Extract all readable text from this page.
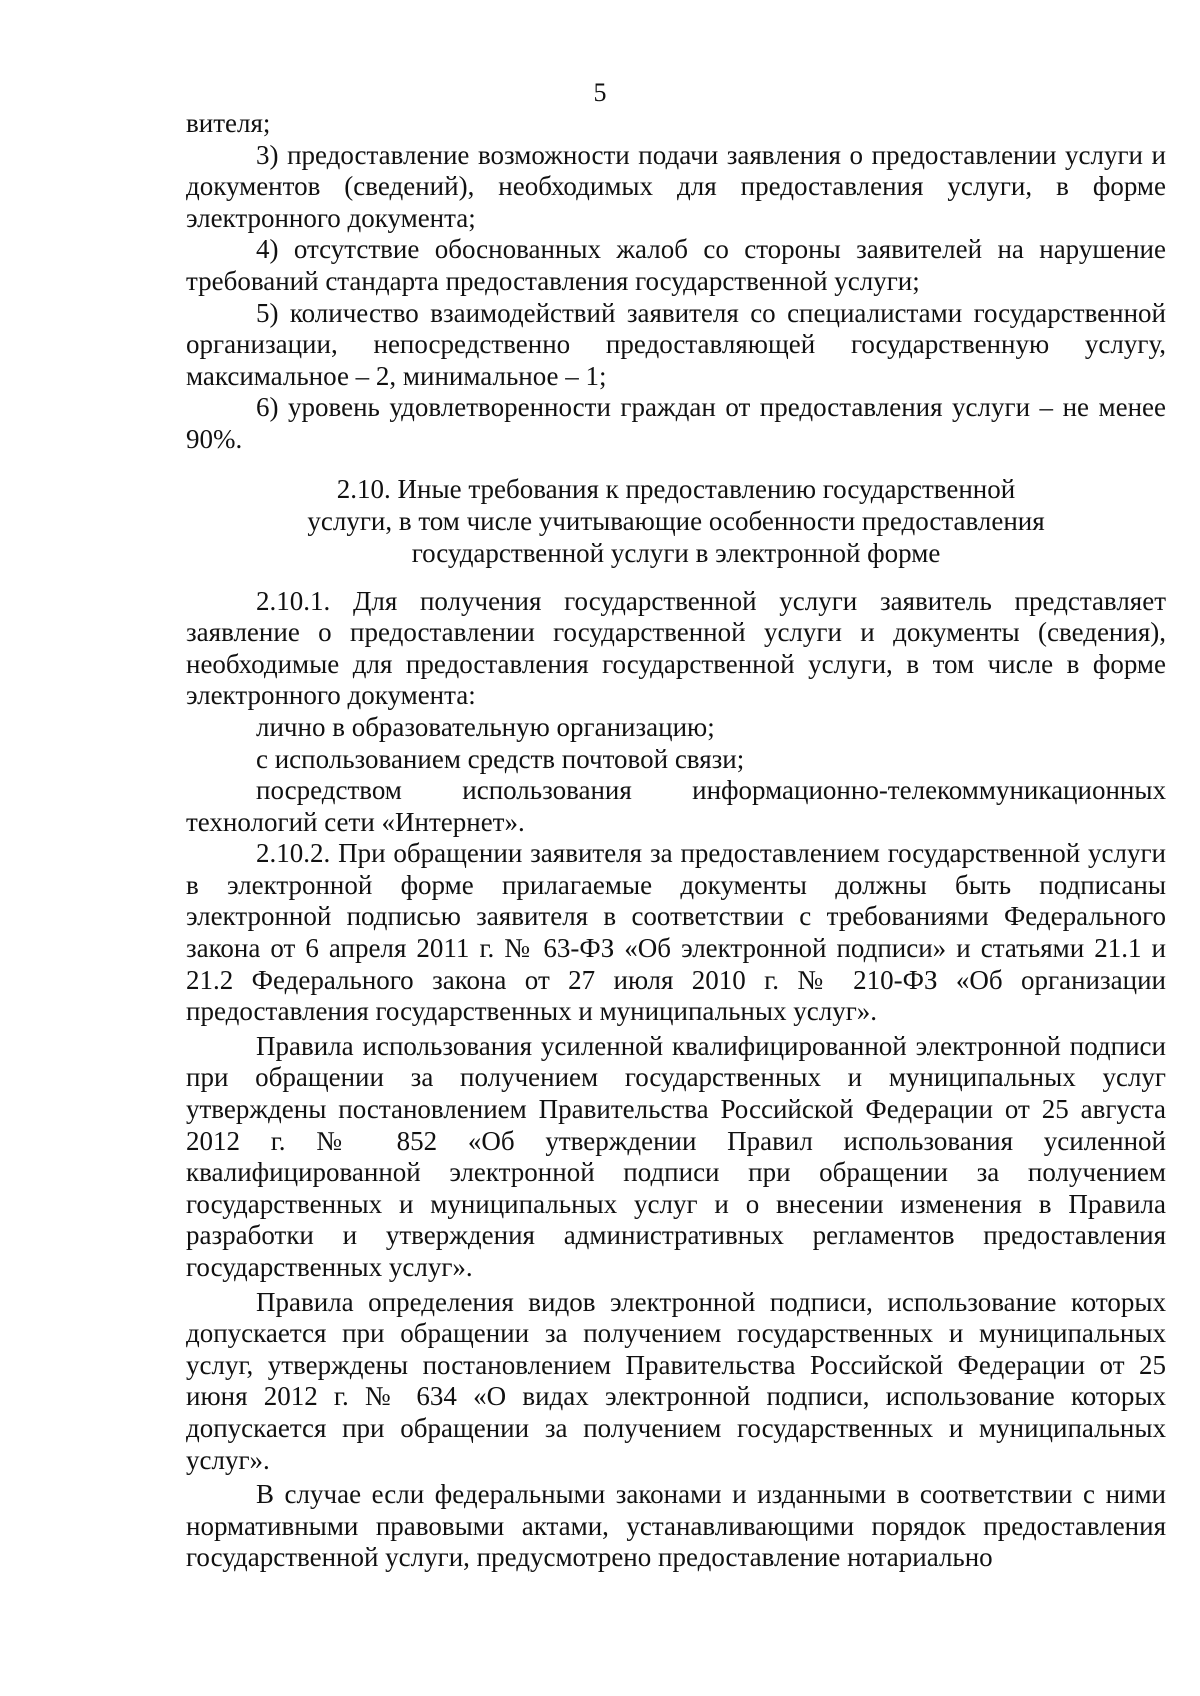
5

вителя;

3) предоставление возможности подачи заявления о предоставлении услуги и документов (сведений), необходимых для предоставления услуги, в форме электронного документа;

4) отсутствие обоснованных жалоб со стороны заявителей на нарушение требований стандарта предоставления государственной услуги;

5) количество взаимодействий заявителя со специалистами государственной организации, непосредственно предоставляющей государственную услугу, максимальное – 2, минимальное – 1;

6) уровень удовлетворенности граждан от предоставления услуги – не менее 90%.

2.10. Иные требования к предоставлению государственной
услуги, в том числе учитывающие особенности предоставления
государственной услуги в электронной форме

2.10.1. Для получения государственной услуги заявитель представляет заявление о предоставлении государственной услуги и документы (сведения), необходимые для предоставления государственной услуги, в том числе в форме электронного документа:

лично в образовательную организацию;

с использованием средств почтовой связи;

посредством использования информационно-телекоммуникационных технологий сети «Интернет».

2.10.2. При обращении заявителя за предоставлением государственной услуги в электронной форме прилагаемые документы должны быть подписаны электронной подписью заявителя в соответствии с требованиями Федерального закона от 6 апреля 2011 г. № 63-ФЗ «Об электронной подписи» и статьями 21.1 и 21.2 Федерального закона от 27 июля 2010 г. № 210-ФЗ «Об организации предоставления государственных и муниципальных услуг».

Правила использования усиленной квалифицированной электронной подписи при обращении за получением государственных и муниципальных услуг утверждены постановлением Правительства Российской Федерации от 25 августа 2012 г. № 852 «Об утверждении Правил использования усиленной квалифицированной электронной подписи при обращении за получением государственных и муниципальных услуг и о внесении изменения в Правила разработки и утверждения административных регламентов предоставления государственных услуг».

Правила определения видов электронной подписи, использование которых допускается при обращении за получением государственных и муниципальных услуг, утверждены постановлением Правительства Российской Федерации от 25 июня 2012 г. № 634 «О видах электронной подписи, использование которых допускается при обращении за получением государственных и муниципальных услуг».

В случае если федеральными законами и изданными в соответствии с ними нормативными правовыми актами, устанавливающими порядок предоставления государственной услуги, предусмотрено предоставление нотариально
